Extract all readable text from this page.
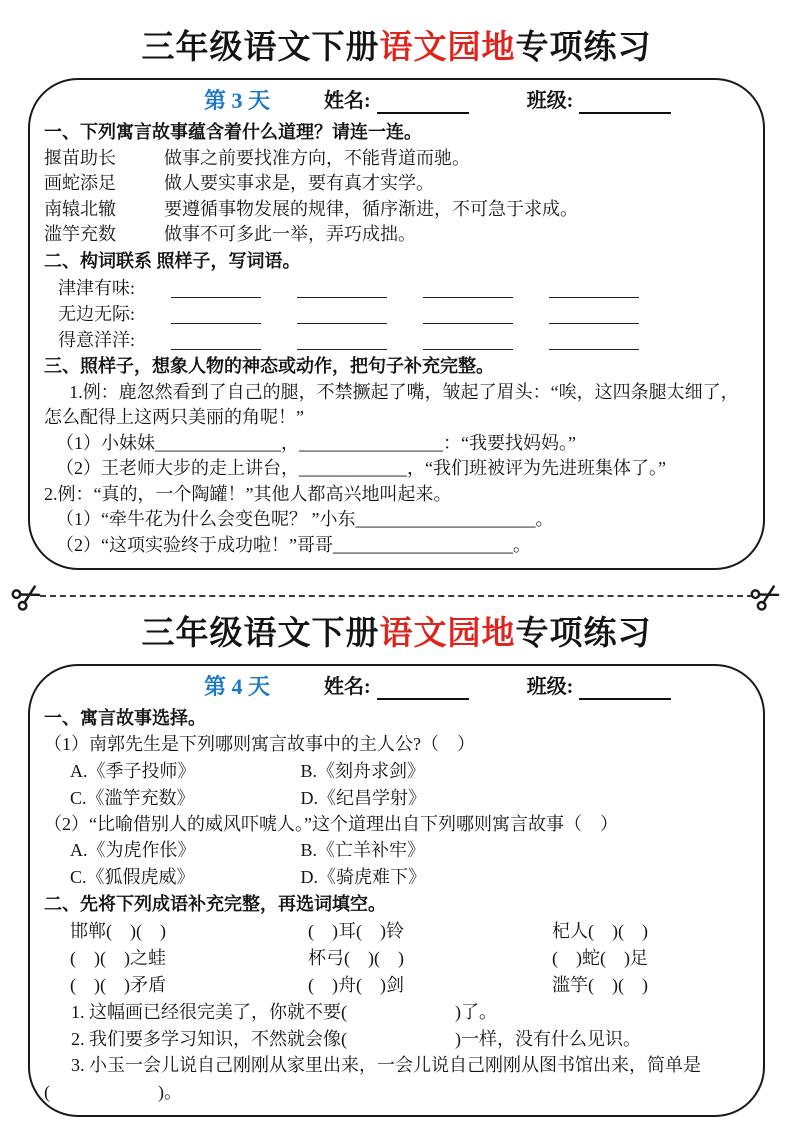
三年级语文下册语文园地专项练习
第 3 天	姓名:	班级:

一、下列寓言故事蕴含着什么道理？请连一连。

揠苗助长	做事之前要找准方向，不能背道而驰。
画蛇添足	做人要实事求是，要有真才实学。
南辕北辙	要遵循事物发展的规律，循序渐进，不可急于求成。
滥竽充数	做事不可多此一举，弄巧成拙。

二、构词联系 照样子，写词语。

津津有味:
无边无际:
得意洋洋:

三、照样子，想象人物的神态或动作，把句子补充完整。

1.例：鹿忽然看到了自己的腿，不禁撅起了嘴，皱起了眉头：“唉，这四条腿太细了，怎么配得上这两只美丽的角呢！”

（1）小妹妹______________，________________：“我要找妈妈。”

（2）王老师大步的走上讲台，____________，“我们班被评为先进班集体了。”

2.例：“真的，一个陶罐！”其他人都高兴地叫起来。

（1）“牵牛花为什么会变色呢？ ”小东____________________。

（2）“这项实验终于成功啦！”哥哥____________________。

三年级语文下册语文园地专项练习
第 4 天	姓名:	班级:

一、寓言故事选择。

（1）南郭先生是下列哪则寓言故事中的主人公?（　）

A.《季子投师》	B.《刻舟求剑》
C.《滥竽充数》	D.《纪昌学射》

（2）“比喻借别人的威风吓唬人。”这个道理出自下列哪则寓言故事（　）

A.《为虎作伥》	B.《亡羊补牢》
C.《狐假虎威》	D.《骑虎难下》

二、先将下列成语补充完整，再选词填空。

邯郸(　)(　)	(　)耳(　)铃	杞人(　)(　)
(　)(　)之蛙	杯弓(　)(　)	(　)蛇(　)足
(　)(　)矛盾	(　)舟(　)剑	滥竽(　)(　)

1. 这幅画已经很完美了，你就不要(　　　　　　)了。

2. 我们要多学习知识，不然就会像(　　　　　　)一样，没有什么见识。

3. 小玉一会儿说自己刚刚从家里出来，一会儿说自己刚刚从图书馆出来，简单是(　　　　　　)。
